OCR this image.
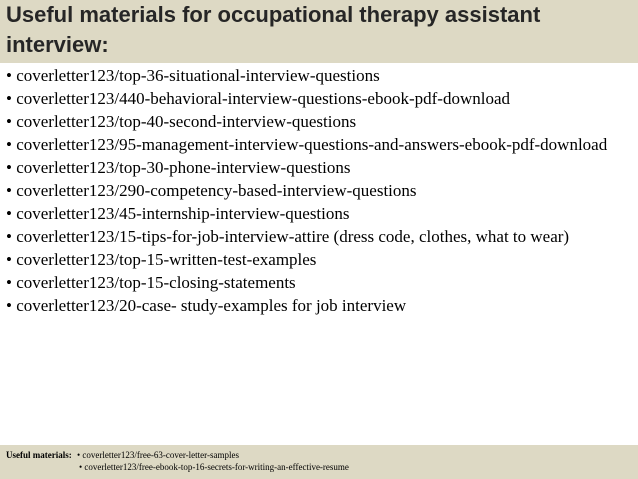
Useful materials for occupational therapy assistant interview:
• coverletter123/top-36-situational-interview-questions
• coverletter123/440-behavioral-interview-questions-ebook-pdf-download
• coverletter123/top-40-second-interview-questions
• coverletter123/95-management-interview-questions-and-answers-ebook-pdf-download
• coverletter123/top-30-phone-interview-questions
• coverletter123/290-competency-based-interview-questions
• coverletter123/45-internship-interview-questions
• coverletter123/15-tips-for-job-interview-attire (dress code, clothes, what to wear)
• coverletter123/top-15-written-test-examples
• coverletter123/top-15-closing-statements
• coverletter123/20-case- study-examples for job interview
Useful materials: • coverletter123/free-63-cover-letter-samples
• coverletter123/free-ebook-top-16-secrets-for-writing-an-effective-resume
